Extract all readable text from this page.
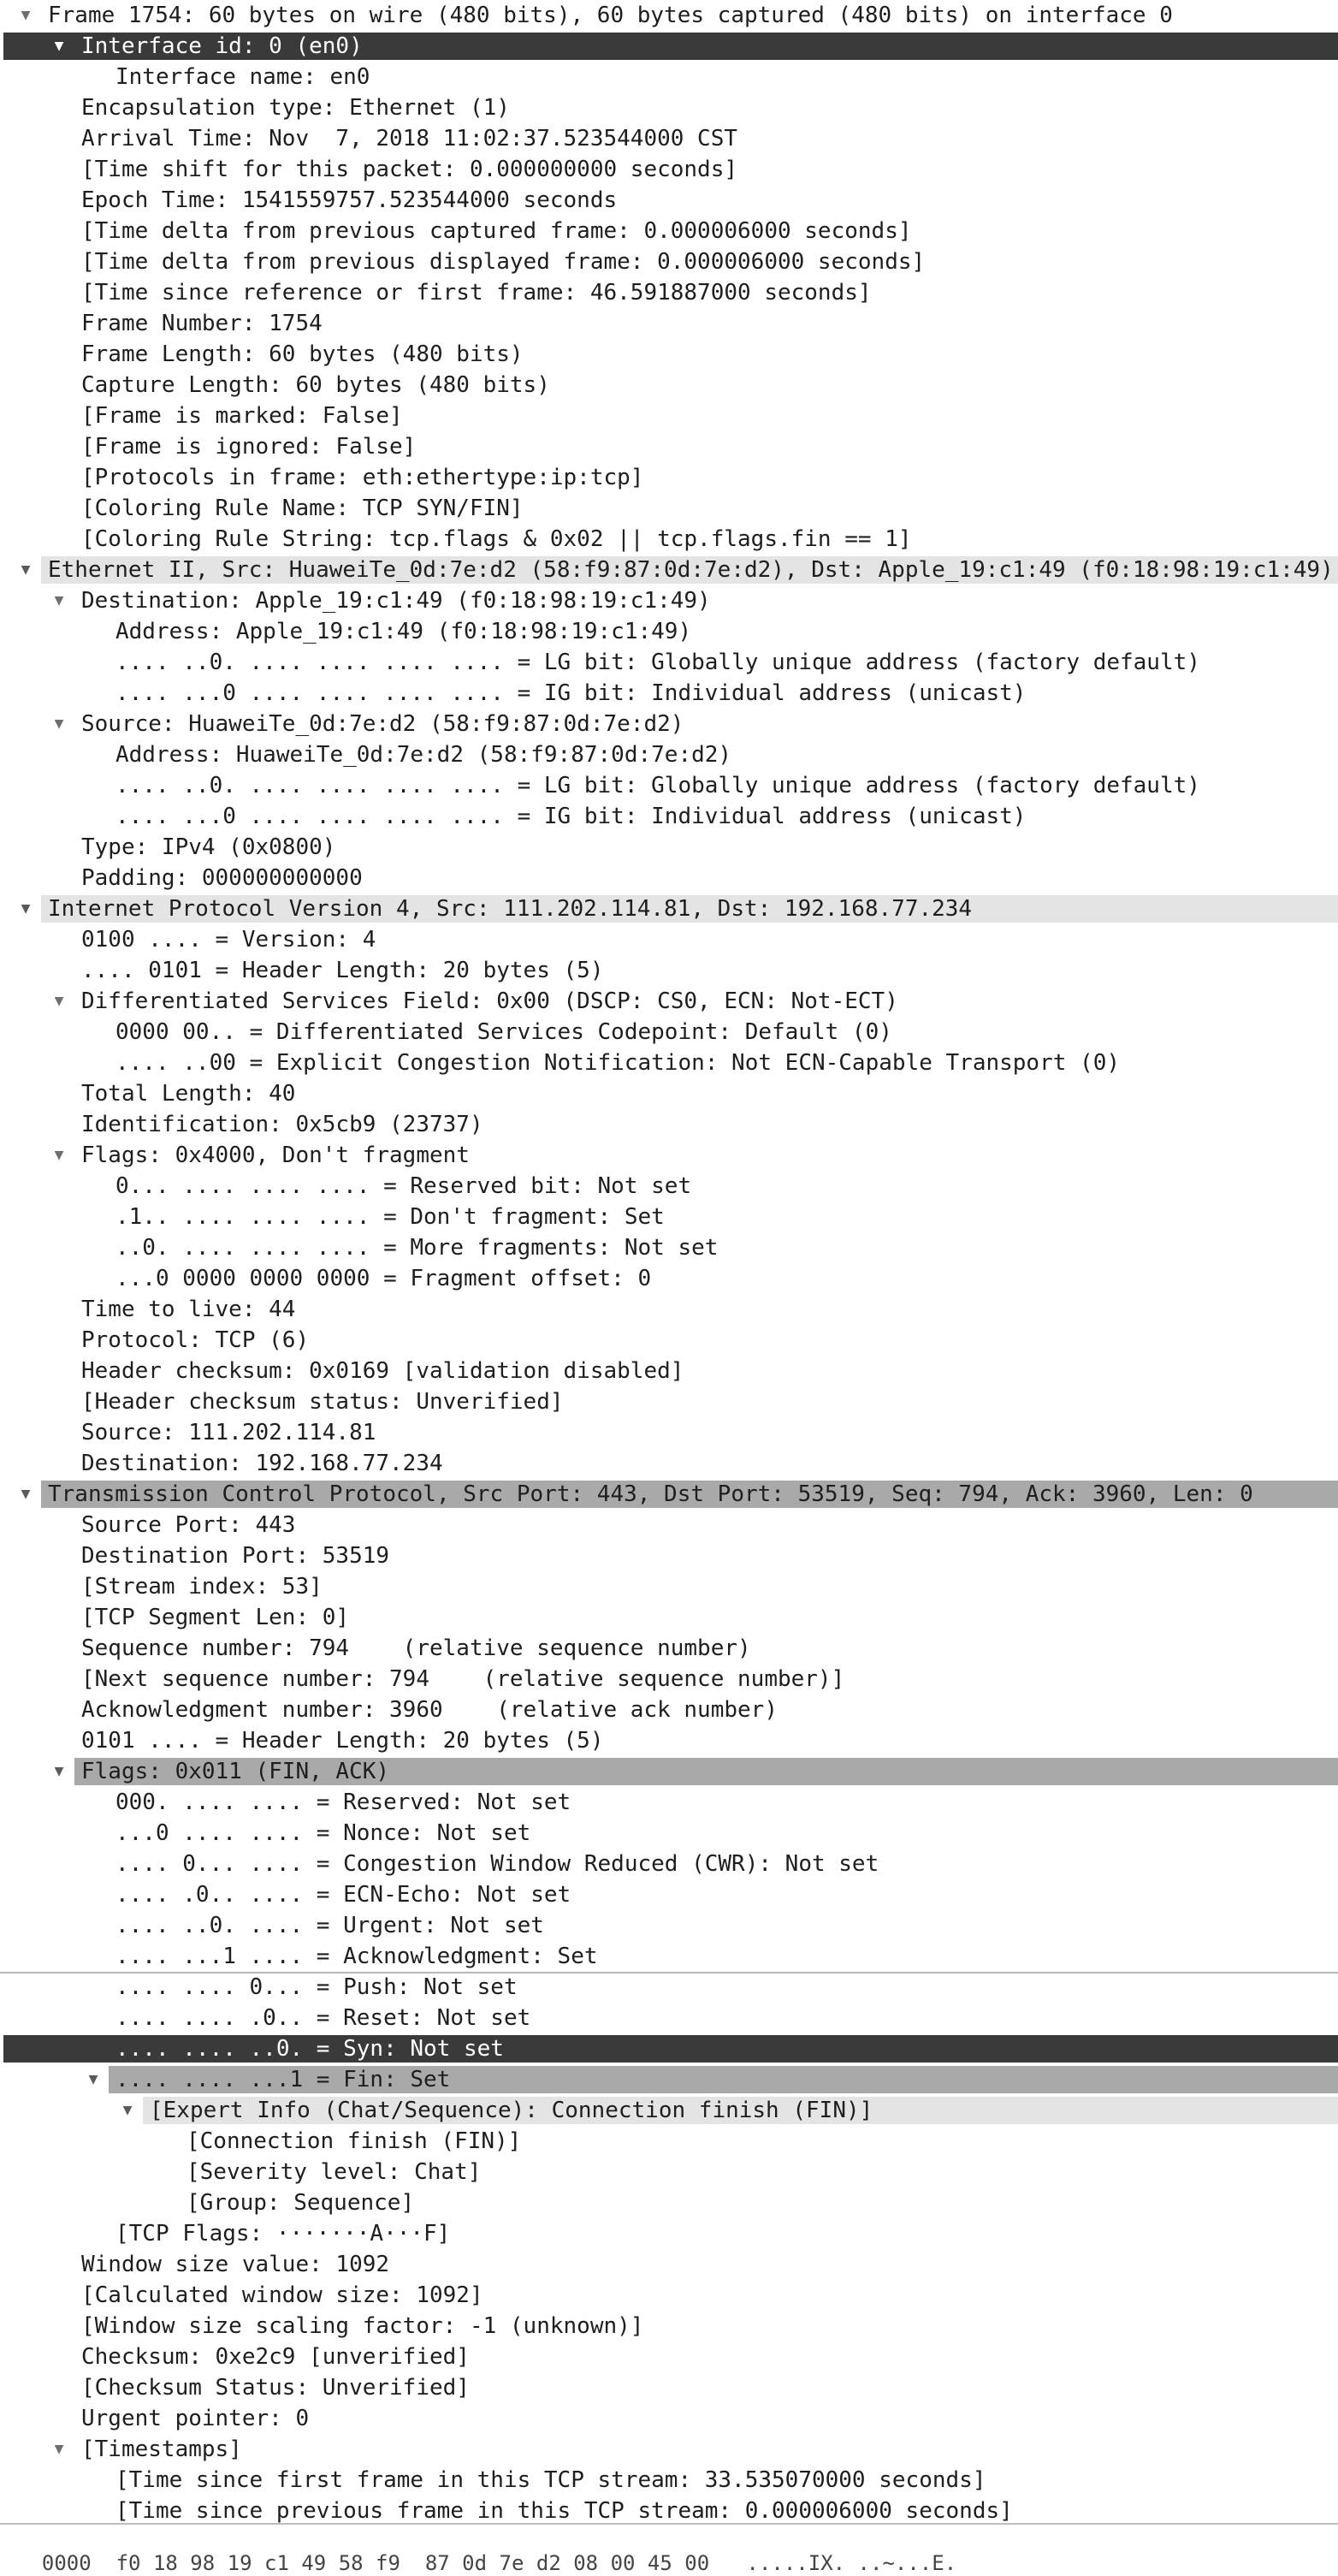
▼ Frame 1754: 60 bytes on wire (480 bits), 60 bytes captured (480 bits) on interface 0
▼ Interface id: 0 (en0)
Interface name: en0
Encapsulation type: Ethernet (1)
Arrival Time: Nov  7, 2018 11:02:37.523544000 CST
[Time shift for this packet: 0.000000000 seconds]
Epoch Time: 1541559757.523544000 seconds
[Time delta from previous captured frame: 0.000006000 seconds]
[Time delta from previous displayed frame: 0.000006000 seconds]
[Time since reference or first frame: 46.591887000 seconds]
Frame Number: 1754
Frame Length: 60 bytes (480 bits)
Capture Length: 60 bytes (480 bits)
[Frame is marked: False]
[Frame is ignored: False]
[Protocols in frame: eth:ethertype:ip:tcp]
[Coloring Rule Name: TCP SYN/FIN]
[Coloring Rule String: tcp.flags & 0x02 || tcp.flags.fin == 1]
▼ Ethernet II, Src: HuaweiTe_0d:7e:d2 (58:f9:87:0d:7e:d2), Dst: Apple_19:c1:49 (f0:18:98:19:c1:49)
▼ Destination: Apple_19:c1:49 (f0:18:98:19:c1:49)
Address: Apple_19:c1:49 (f0:18:98:19:c1:49)
.... ..0. .... .... .... .... = LG bit: Globally unique address (factory default)
.... ...0 .... .... .... .... = IG bit: Individual address (unicast)
▼ Source: HuaweiTe_0d:7e:d2 (58:f9:87:0d:7e:d2)
Address: HuaweiTe_0d:7e:d2 (58:f9:87:0d:7e:d2)
.... ..0. .... .... .... .... = LG bit: Globally unique address (factory default)
.... ...0 .... .... .... .... = IG bit: Individual address (unicast)
Type: IPv4 (0x0800)
Padding: 000000000000
▼ Internet Protocol Version 4, Src: 111.202.114.81, Dst: 192.168.77.234
0100 .... = Version: 4
.... 0101 = Header Length: 20 bytes (5)
▼ Differentiated Services Field: 0x00 (DSCP: CS0, ECN: Not-ECT)
0000 00.. = Differentiated Services Codepoint: Default (0)
.... ..00 = Explicit Congestion Notification: Not ECN-Capable Transport (0)
Total Length: 40
Identification: 0x5cb9 (23737)
▼ Flags: 0x4000, Don't fragment
0... .... .... .... = Reserved bit: Not set
.1.. .... .... .... = Don't fragment: Set
..0. .... .... .... = More fragments: Not set
...0 0000 0000 0000 = Fragment offset: 0
Time to live: 44
Protocol: TCP (6)
Header checksum: 0x0169 [validation disabled]
[Header checksum status: Unverified]
Source: 111.202.114.81
Destination: 192.168.77.234
▼ Transmission Control Protocol, Src Port: 443, Dst Port: 53519, Seq: 794, Ack: 3960, Len: 0
Source Port: 443
Destination Port: 53519
[Stream index: 53]
[TCP Segment Len: 0]
Sequence number: 794    (relative sequence number)
[Next sequence number: 794    (relative sequence number)]
Acknowledgment number: 3960    (relative ack number)
0101 .... = Header Length: 20 bytes (5)
▼ Flags: 0x011 (FIN, ACK)
000. .... .... = Reserved: Not set
...0 .... .... = Nonce: Not set
.... 0... .... = Congestion Window Reduced (CWR): Not set
.... .0.. .... = ECN-Echo: Not set
.... ..0. .... = Urgent: Not set
.... ...1 .... = Acknowledgment: Set
.... .... 0... = Push: Not set
.... .... .0.. = Reset: Not set
.... .... ..0. = Syn: Not set
▼ .... .... ...1 = Fin: Set
▼ [Expert Info (Chat/Sequence): Connection finish (FIN)]
[Connection finish (FIN)]
[Severity level: Chat]
[Group: Sequence]
[TCP Flags: ·······A···F]
Window size value: 1092
[Calculated window size: 1092]
[Window size scaling factor: -1 (unknown)]
Checksum: 0xe2c9 [unverified]
[Checksum Status: Unverified]
Urgent pointer: 0
▼ [Timestamps]
[Time since first frame in this TCP stream: 33.535070000 seconds]
[Time since previous frame in this TCP stream: 0.000006000 seconds]

0000  f0 18 98 19 c1 49 58 f9  87 0d 7e d2 08 00 45 00   .....IX. ..~...E.
